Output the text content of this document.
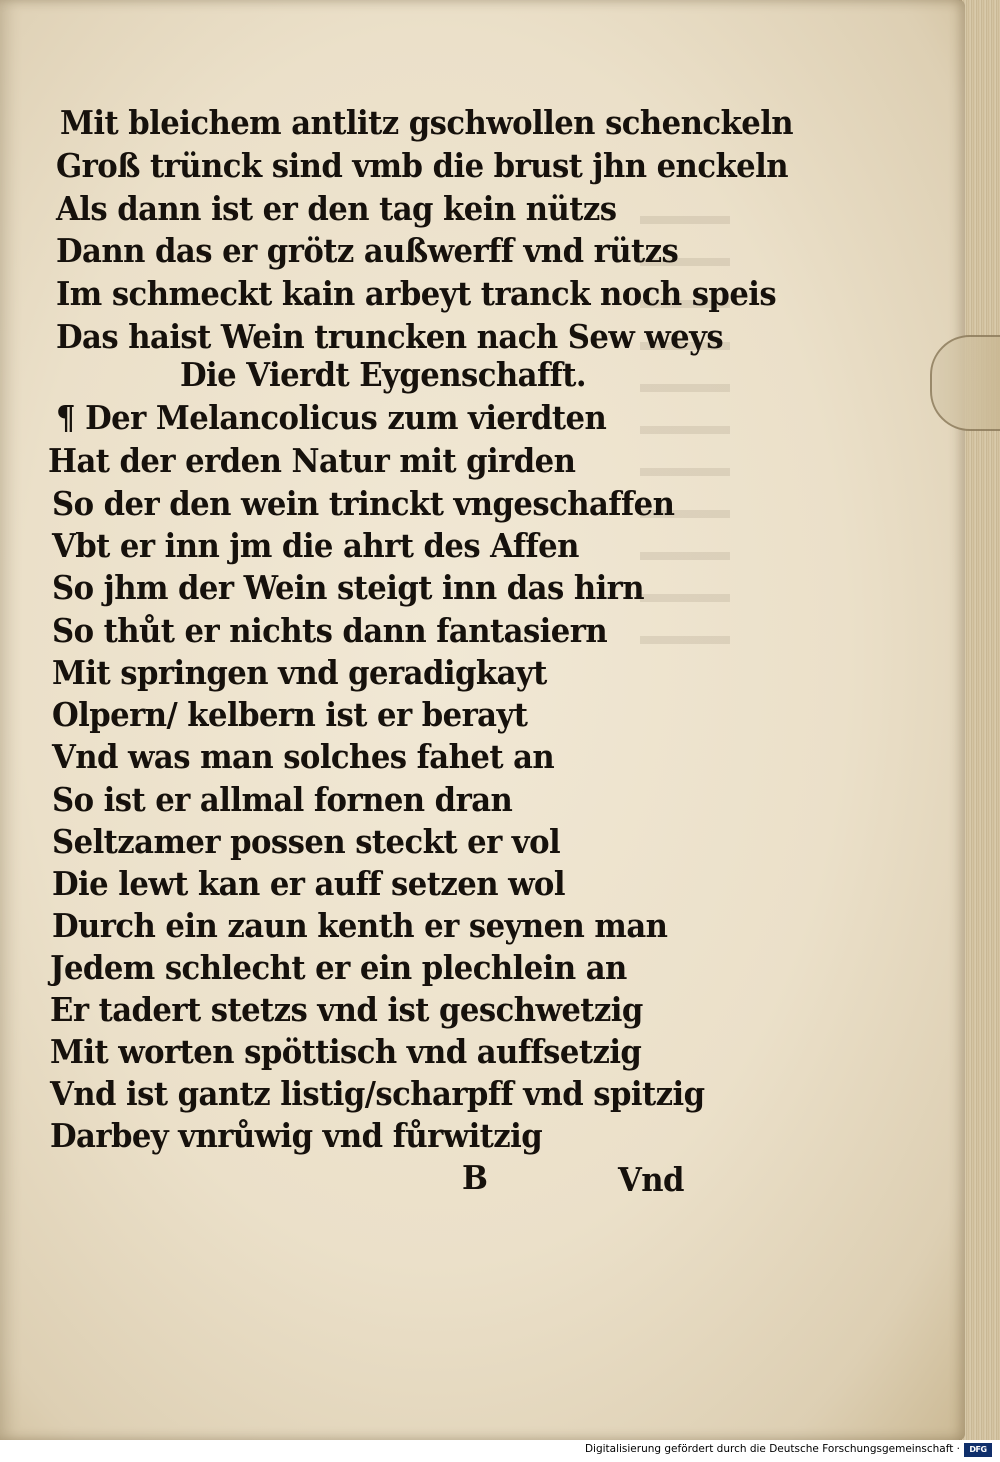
Mit bleichem antlitz gschwollen schenckeln
Groß trünck sind vmb die brust jhn enckeln
Als dann ist er den tag kein nützs
Dann das er grötz außwerff vnd rützs
Im schmeckt kain arbeyt tranck noch speis
Das haist Wein truncken nach Sew weys
Die Vierdt Eygenschafft.
¶ Der Melancolicus zum vierdten
Hat der erden Natur mit girden
So der den wein trinckt vngeschaffen
Vbt er inn jm die ahrt des Affen
So jhm der Wein steigt inn das hirn
So thůt er nichts dann fantasiern
Mit springen vnd geradigkayt
Olpern/ kelbern ist er berayt
Vnd was man solches fahet an
So ist er allmal fornen dran
Seltzamer possen steckt er vol
Die lewt kan er auff setzen wol
Durch ein zaun kenth er seynen man
Jedem schlecht er ein plechlein an
Er tadert stetzs vnd ist geschwetzig
Mit worten spöttisch vnd auffsetzig
Vnd ist gantz listig/scharpff vnd spitzig
Darbey vnrůwig vnd fůrwitzig
B	Vnd
Digitalisierung gefördert durch die Deutsche Forschungsgemeinschaft ·	DFG
